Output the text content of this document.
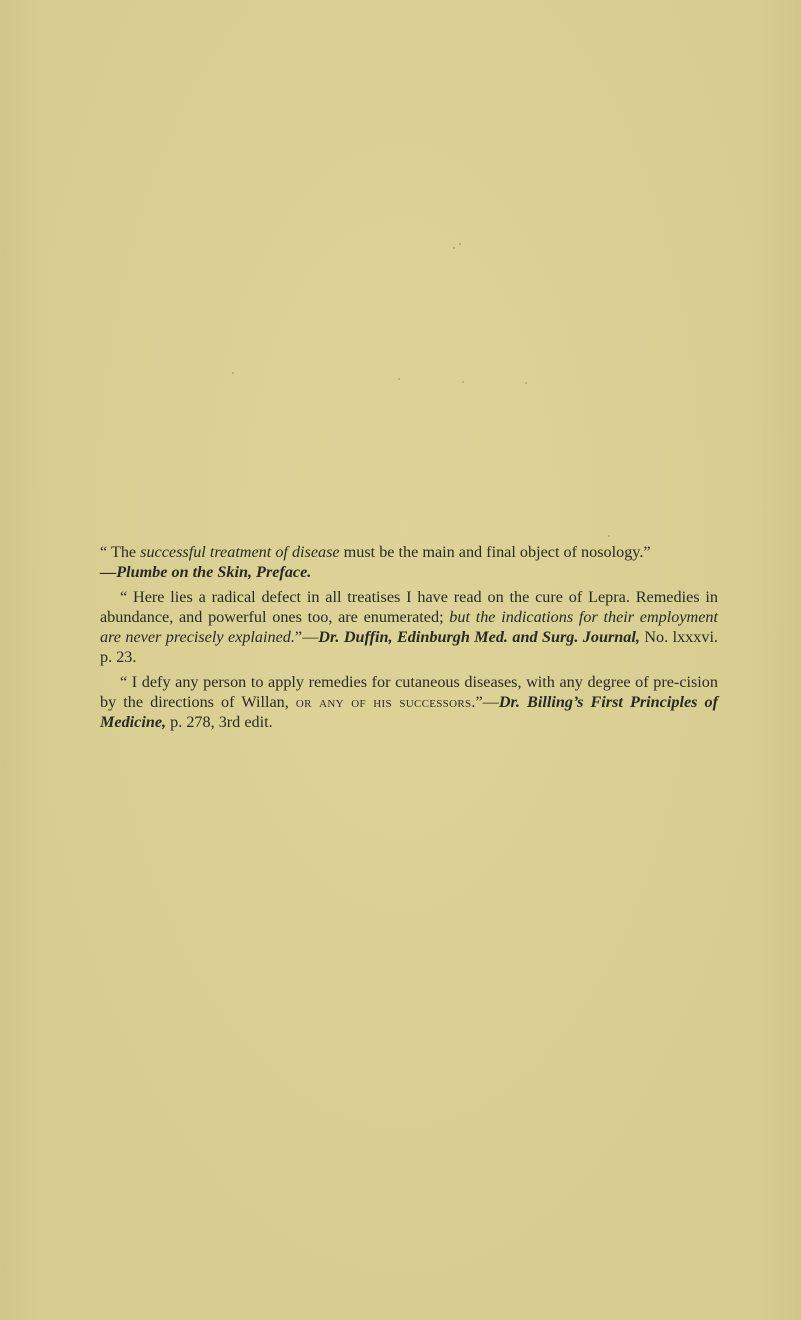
“ The successful treatment of disease must be the main and final object of nosology.”
—Plumbe on the Skin, Preface.

“ Here lies a radical defect in all treatises I have read on the cure of Lepra. Remedies in abundance, and powerful ones too, are enumerated; but the indications for their employment are never precisely explained.”—Dr. Duffin, Edinburgh Med. and Surg. Journal, No. lxxxvi. p. 23.

“ I defy any person to apply remedies for cutaneous diseases, with any degree of pre-cision by the directions of Willan, or any of his successors.”—Dr. Billing’s First Principles of Medicine, p. 278, 3rd edit.
